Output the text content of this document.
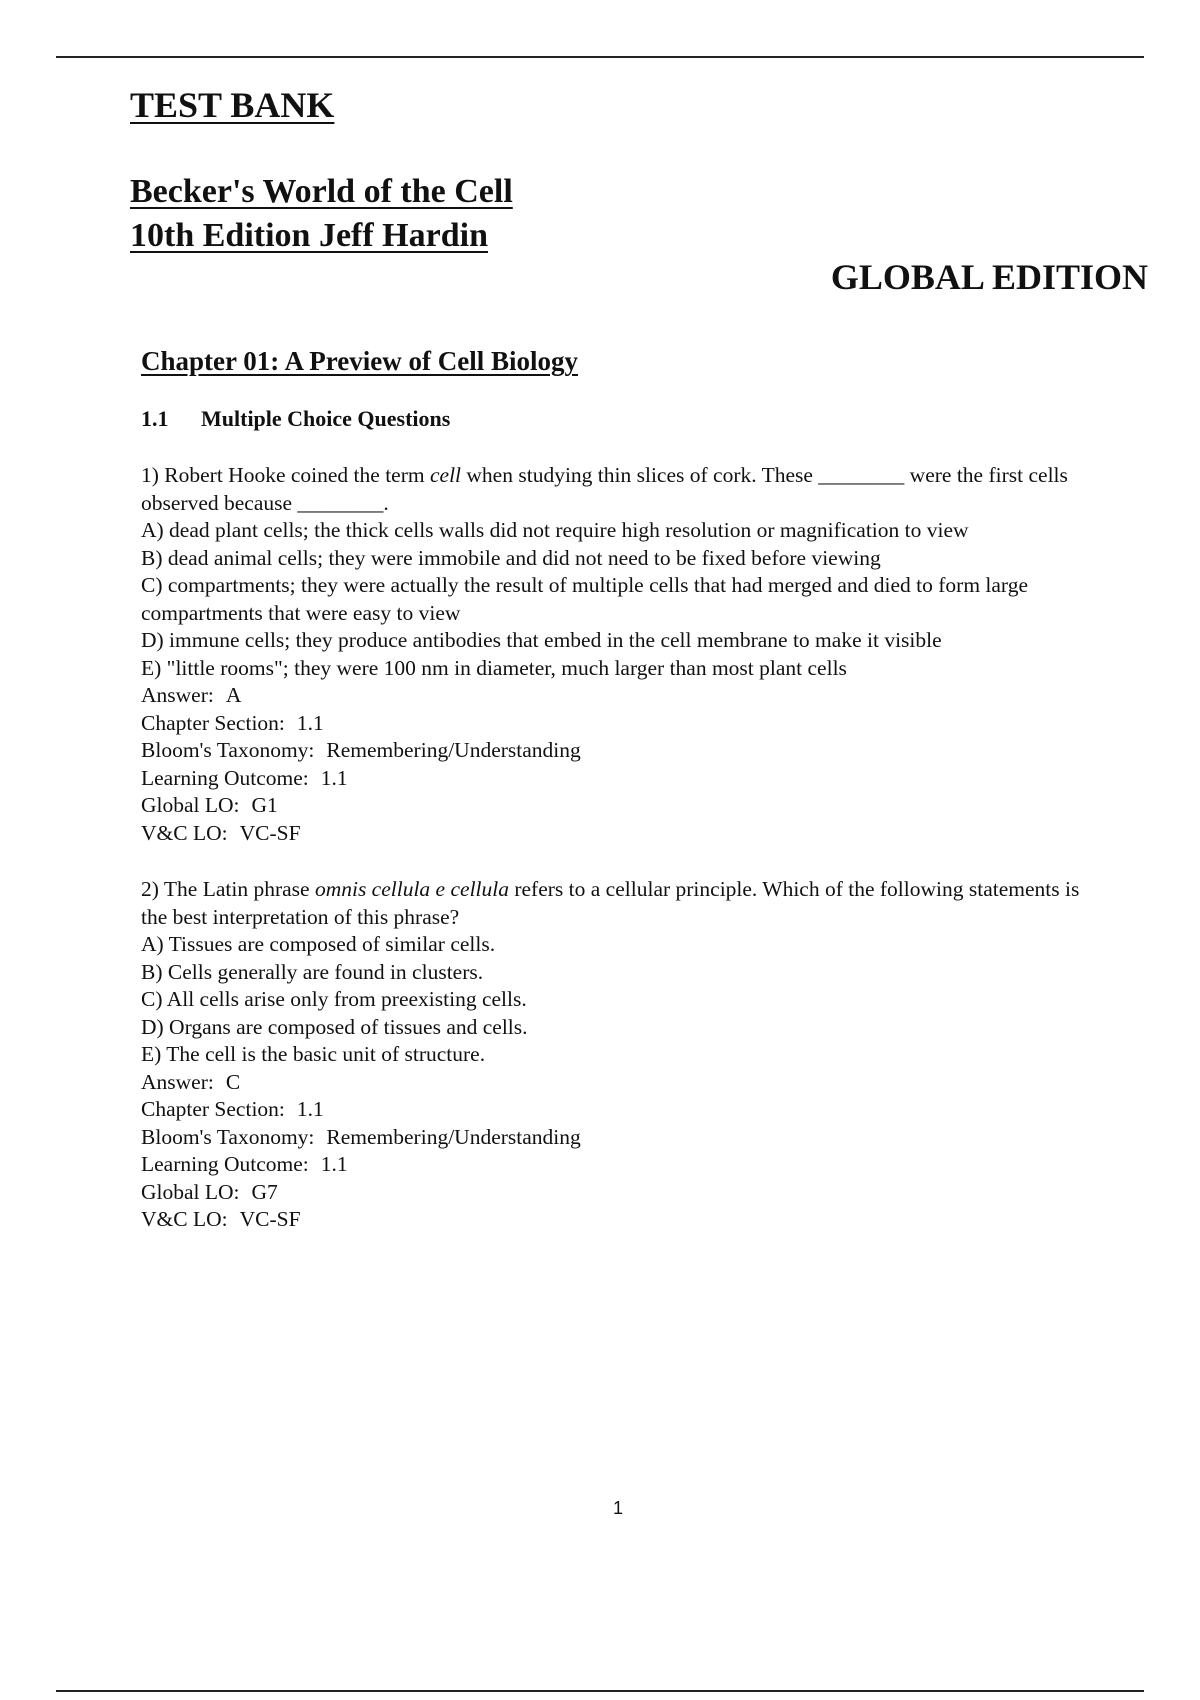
TEST BANK
Becker's World of the Cell
10th Edition Jeff Hardin
GLOBAL EDITION
Chapter 01: A Preview of Cell Biology
1.1 Multiple Choice Questions

1) Robert Hooke coined the term cell when studying thin slices of cork. These ________ were the first cells observed because ________.

A) dead plant cells; the thick cells walls did not require high resolution or magnification to view

B) dead animal cells; they were immobile and did not need to be fixed before viewing

C) compartments; they were actually the result of multiple cells that had merged and died to form large compartments that were easy to view

D) immune cells; they produce antibodies that embed in the cell membrane to make it visible

E) "little rooms"; they were 100 nm in diameter, much larger than most plant cells

Answer: A

Chapter Section: 1.1

Bloom's Taxonomy: Remembering/Understanding

Learning Outcome: 1.1

Global LO: G1

V&C LO: VC-SF

2) The Latin phrase omnis cellula e cellula refers to a cellular principle. Which of the following statements is the best interpretation of this phrase?

A) Tissues are composed of similar cells.

B) Cells generally are found in clusters.

C) All cells arise only from preexisting cells.

D) Organs are composed of tissues and cells.

E) The cell is the basic unit of structure.

Answer: C

Chapter Section: 1.1

Bloom's Taxonomy: Remembering/Understanding

Learning Outcome: 1.1

Global LO: G7

V&C LO: VC-SF

1
